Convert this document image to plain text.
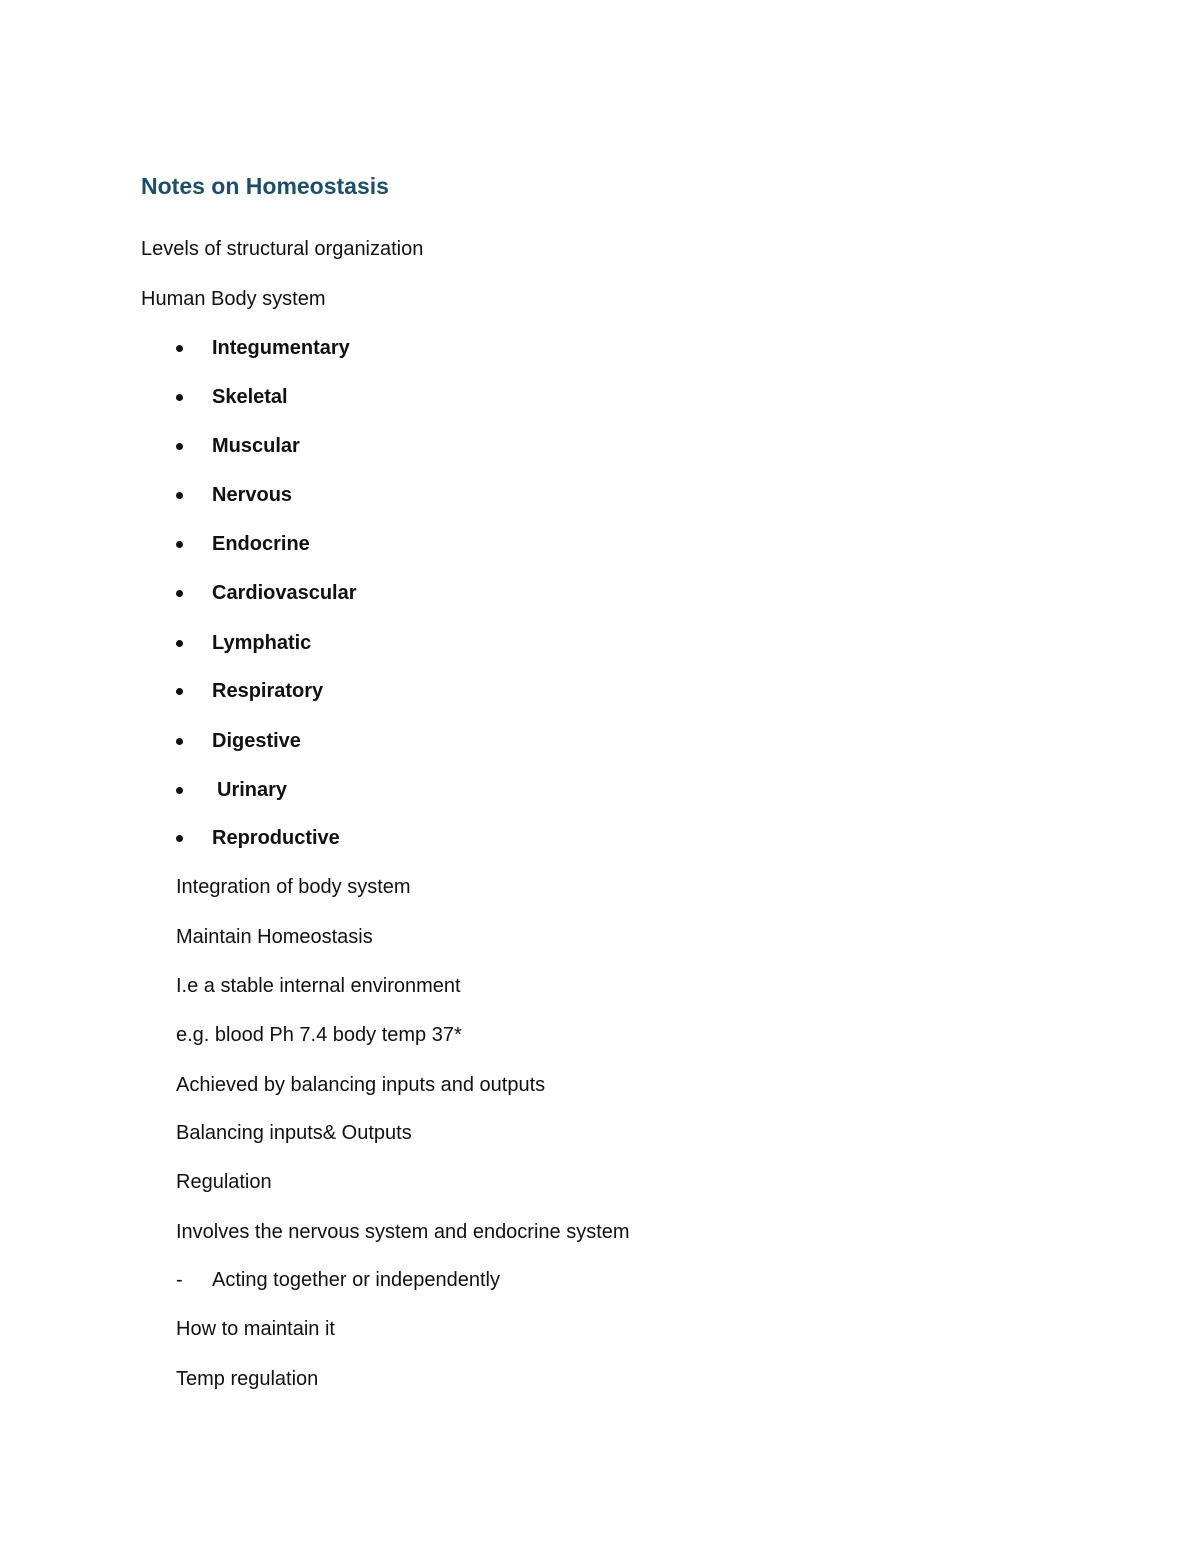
Notes on Homeostasis
Levels of structural organization
Human Body system
Integumentary
Skeletal
Muscular
Nervous
Endocrine
Cardiovascular
Lymphatic
Respiratory
Digestive
Urinary
Reproductive
Integration of body system
Maintain Homeostasis
I.e a stable internal environment
e.g. blood Ph 7.4 body temp 37*
Achieved by balancing inputs and outputs
Balancing inputs& Outputs
Regulation
Involves the nervous system and endocrine system
- Acting together or independently
How to maintain it
Temp regulation
